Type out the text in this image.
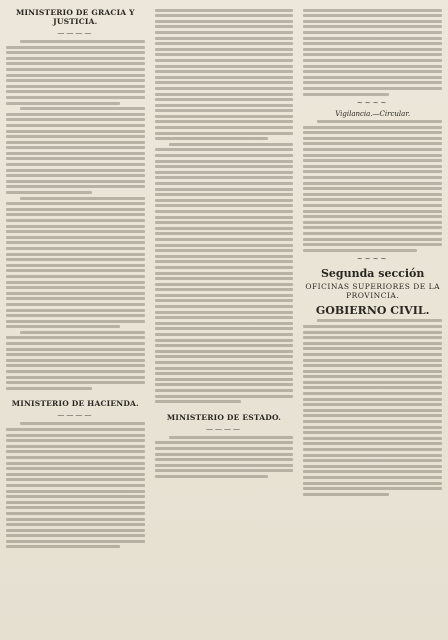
MINISTERIO DE GRACIA Y JUSTICIA.
————
MINISTERIO DE HACIENDA.
————	MINISTERIO DE ESTADO.
————
~~~~
Vigilancia.—Circular.
~~~~
Segunda sección
OFICINAS SUPERIORES DE LA PROVINCIA.
GOBIERNO CIVIL.
